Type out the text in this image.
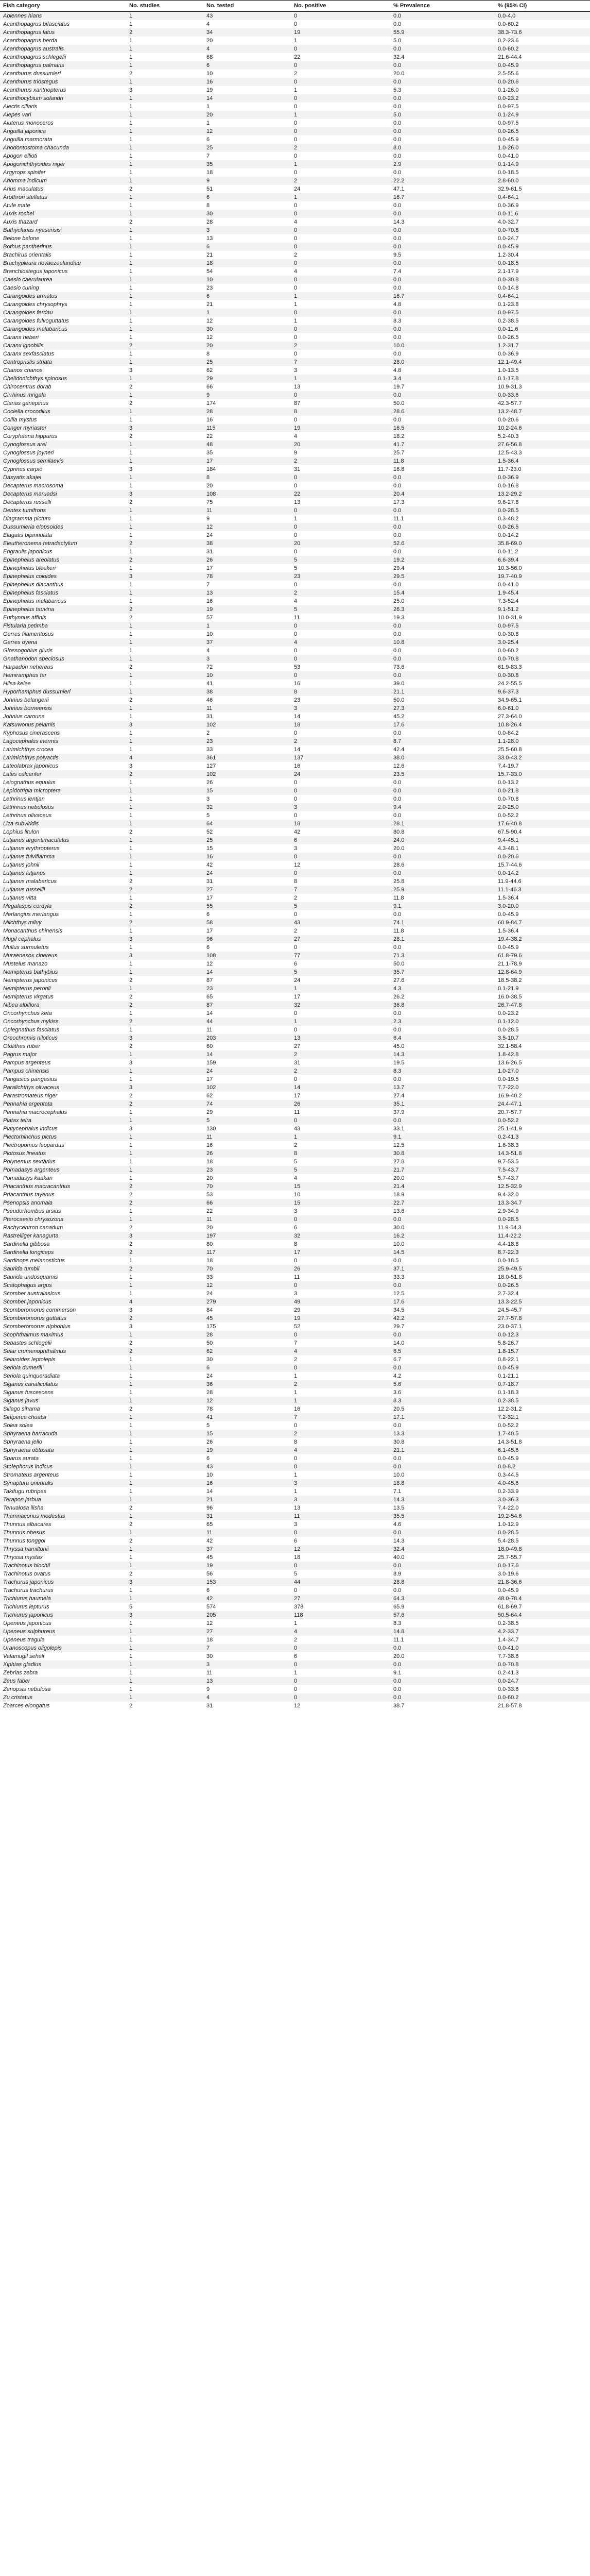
Fish category	No. studies	No. tested	No. positive	% Prevalence	% (95% CI)
Ablennes hians	1	43	0	0.0	0.0-4.0
Acanthopagrus bifasciatus	1	4	0	0.0	0.0-60.2
Acanthopagrus latus	2	34	19	55.9	38.3-73.6
Acanthopagrus berda	1	20	1	5.0	0.2-23.6
Acanthopagrus australis	1	4	0	0.0	0.0-60.2
Acanthopagrus schlegelii	1	68	22	32.4	21.6-44.4
Acanthopagrus palmaris	1	6	0	0.0	0.0-45.9
Acanthurus dussumieri	2	10	2	20.0	2.5-55.6
Acanthurus triostegus	1	16	0	0.0	0.0-20.6
Acanthurus xanthopterus	3	19	1	5.3	0.1-26.0
Acanthocybium solandri	1	14	0	0.0	0.0-23.2
Alectis ciliaris	1	1	0	0.0	0.0-97.5
Alepes vari	1	20	1	5.0	0.1-24.9
Aluterus monoceros	1	1	0	0.0	0.0-97.5
Anguilla japonica	1	12	0	0.0	0.0-26.5
Anguilla marmorata	1	6	0	0.0	0.0-45.9
Anodontostoma chacunda	1	25	2	8.0	1.0-26.0
Apogon ellioti	1	7	0	0.0	0.0-41.0
Apogonichthyoides niger	1	35	1	2.9	0.1-14.9
Argyrops spinifer	1	18	0	0.0	0.0-18.5
Ariomma indicum	1	9	2	22.2	2.8-60.0
Arius maculatus	2	51	24	47.1	32.9-61.5
Arothron stellatus	1	6	1	16.7	0.4-64.1
Atule mate	1	8	0	0.0	0.0-36.9
Auxis rochei	1	30	0	0.0	0.0-11.6
Auxis thazard	2	28	4	14.3	4.0-32.7
Bathyclarias nyasensis	1	3	0	0.0	0.0-70.8
Belone belone	1	13	0	0.0	0.0-24.7
Bothus pantherinus	1	6	0	0.0	0.0-45.9
Brachirus orientalis	1	21	2	9.5	1.2-30.4
Brachypleura novaezeelandiae	1	18	0	0.0	0.0-18.5
Branchiostegus japonicus	1	54	4	7.4	2.1-17.9
Caesio caerulaurea	1	10	0	0.0	0.0-30.8
Caesio cuning	1	23	0	0.0	0.0-14.8
Carangoides armatus	1	6	1	16.7	0.4-64.1
Carangoides chrysophrys	1	21	1	4.8	0.1-23.8
Carangoides ferdau	1	1	0	0.0	0.0-97.5
Carangoides fulvoguttatus	1	12	1	8.3	0.2-38.5
Carangoides malabaricus	1	30	0	0.0	0.0-11.6
Caranx heberi	1	12	0	0.0	0.0-26.5
Caranx ignobilis	2	20	2	10.0	1.2-31.7
Caranx sexfasciatus	1	8	0	0.0	0.0-36.9
Centropristis striata	1	25	7	28.0	12.1-49.4
Chanos chanos	3	62	3	4.8	1.0-13.5
Chelidonichthys spinosus	1	29	1	3.4	0.1-17.8
Chirocentrus dorab	2	66	13	19.7	10.9-31.3
Cirrhinus mrigala	1	9	0	0.0	0.0-33.6
Clarias gariepinus	2	174	87	50.0	42.3-57.7
Cociella crocodilus	1	28	8	28.6	13.2-48.7
Coilia mystus	1	16	0	0.0	0.0-20.6
Conger myriaster	3	115	19	16.5	10.2-24.6
Coryphaena hippurus	2	22	4	18.2	5.2-40.3
Cynoglossus arel	1	48	20	41.7	27.6-56.8
Cynoglossus joyneri	1	35	9	25.7	12.5-43.3
Cynoglossus semilaevis	1	17	2	11.8	1.5-36.4
Cyprinus carpio	3	184	31	16.8	11.7-23.0
Dasyatis akajei	1	8	0	0.0	0.0-36.9
Decapterus macrosoma	1	20	0	0.0	0.0-16.8
Decapterus maruadsi	3	108	22	20.4	13.2-29.2
Decapterus russelli	2	75	13	17.3	9.6-27.8
Dentex tumifrons	1	11	0	0.0	0.0-28.5
Diagramma pictum	1	9	1	11.1	0.3-48.2
Dussumieria elopsoides	1	12	0	0.0	0.0-26.5
Elagatis bipinnulata	1	24	0	0.0	0.0-14.2
Eleutheronema tetradactylum	2	38	20	52.6	35.8-69.0
Engraulis japonicus	1	31	0	0.0	0.0-11.2
Epinephelus areolatus	2	26	5	19.2	6.6-39.4
Epinephelus bleekeri	1	17	5	29.4	10.3-56.0
Epinephelus coioides	3	78	23	29.5	19.7-40.9
Epinephelus diacanthus	1	7	0	0.0	0.0-41.0
Epinephelus fasciatus	1	13	2	15.4	1.9-45.4
Epinephelus malabaricus	1	16	4	25.0	7.3-52.4
Epinephelus tauvina	2	19	5	26.3	9.1-51.2
Euthynnus affinis	2	57	11	19.3	10.0-31.9
Fistularia petimba	1	1	0	0.0	0.0-97.5
Gerres filamentosus	1	10	0	0.0	0.0-30.8
Gerres oyena	1	37	4	10.8	3.0-25.4
Glossogobius giuris	1	4	0	0.0	0.0-60.2
Gnathanodon speciosus	1	3	0	0.0	0.0-70.8
Harpadon nehereus	2	72	53	73.6	61.9-83.3
Hemiramphus far	1	10	0	0.0	0.0-30.8
Hilsa kelee	1	41	16	39.0	24.2-55.5
Hyporhamphus dussumieri	1	38	8	21.1	9.6-37.3
Johnius belangerii	2	46	23	50.0	34.9-65.1
Johnius borneensis	1	11	3	27.3	6.0-61.0
Johnius carouna	1	31	14	45.2	27.3-64.0
Katsuwonus pelamis	3	102	18	17.6	10.8-26.4
Kyphosus cinerascens	1	2	0	0.0	0.0-84.2
Lagocephalus inermis	1	23	2	8.7	1.1-28.0
Larimichthys crocea	1	33	14	42.4	25.5-60.8
Larimichthys polyactis	4	361	137	38.0	33.0-43.2
Lateolabrax japonicus	3	127	16	12.6	7.4-19.7
Lates calcarifer	2	102	24	23.5	15.7-33.0
Leiognathus equulus	1	26	0	0.0	0.0-13.2
Lepidotrigla microptera	1	15	0	0.0	0.0-21.8
Lethrinus lentjan	1	3	0	0.0	0.0-70.8
Lethrinus nebulosus	1	32	3	9.4	2.0-25.0
Lethrinus olivaceus	1	5	0	0.0	0.0-52.2
Liza subviridis	1	64	18	28.1	17.6-40.8
Lophius litulon	2	52	42	80.8	67.5-90.4
Lutjanus argentimaculatus	1	25	6	24.0	9.4-45.1
Lutjanus erythropterus	1	15	3	20.0	4.3-48.1
Lutjanus fulviflamma	1	16	0	0.0	0.0-20.6
Lutjanus johnii	1	42	12	28.6	15.7-44.6
Lutjanus lutjanus	1	24	0	0.0	0.0-14.2
Lutjanus malabaricus	2	31	8	25.8	11.9-44.6
Lutjanus russellii	2	27	7	25.9	11.1-46.3
Lutjanus vitta	1	17	2	11.8	1.5-36.4
Megalaspis cordyla	2	55	5	9.1	3.0-20.0
Merlangius merlangus	1	6	0	0.0	0.0-45.9
Miichthys miiuy	2	58	43	74.1	60.9-84.7
Monacanthus chinensis	1	17	2	11.8	1.5-36.4
Mugil cephalus	3	96	27	28.1	19.4-38.2
Mullus surmuletus	1	6	0	0.0	0.0-45.9
Muraenesox cinereus	3	108	77	71.3	61.8-79.6
Mustelus manazo	1	12	6	50.0	21.1-78.9
Nemipterus bathybius	1	14	5	35.7	12.8-64.9
Nemipterus japonicus	2	87	24	27.6	18.5-38.2
Nemipterus peronii	1	23	1	4.3	0.1-21.9
Nemipterus virgatus	2	65	17	26.2	16.0-38.5
Nibea albiflora	2	87	32	36.8	26.7-47.8
Oncorhynchus keta	1	14	0	0.0	0.0-23.2
Oncorhynchus mykiss	2	44	1	2.3	0.1-12.0
Oplegnathus fasciatus	1	11	0	0.0	0.0-28.5
Oreochromis niloticus	3	203	13	6.4	3.5-10.7
Otolithes ruber	2	60	27	45.0	32.1-58.4
Pagrus major	1	14	2	14.3	1.8-42.8
Pampus argenteus	3	159	31	19.5	13.6-26.5
Pampus chinensis	1	24	2	8.3	1.0-27.0
Pangasius pangasius	1	17	0	0.0	0.0-19.5
Paralichthys olivaceus	3	102	14	13.7	7.7-22.0
Parastromateus niger	2	62	17	27.4	16.9-40.2
Pennahia argentata	2	74	26	35.1	24.4-47.1
Pennahia macrocephalus	1	29	11	37.9	20.7-57.7
Platax teira	1	5	0	0.0	0.0-52.2
Platycephalus indicus	3	130	43	33.1	25.1-41.9
Plectorhinchus pictus	1	11	1	9.1	0.2-41.3
Plectropomus leopardus	1	16	2	12.5	1.6-38.3
Plotosus lineatus	1	26	8	30.8	14.3-51.8
Polynemus sextarius	1	18	5	27.8	9.7-53.5
Pomadasys argenteus	1	23	5	21.7	7.5-43.7
Pomadasys kaakan	1	20	4	20.0	5.7-43.7
Priacanthus macracanthus	2	70	15	21.4	12.5-32.9
Priacanthus tayenus	2	53	10	18.9	9.4-32.0
Psenopsis anomala	2	66	15	22.7	13.3-34.7
Pseudorhombus arsius	1	22	3	13.6	2.9-34.9
Pterocaesio chrysozona	1	11	0	0.0	0.0-28.5
Rachycentron canadum	2	20	6	30.0	11.9-54.3
Rastrelliger kanagurta	3	197	32	16.2	11.4-22.2
Sardinella gibbosa	2	80	8	10.0	4.4-18.8
Sardinella longiceps	2	117	17	14.5	8.7-22.3
Sardinops melanostictus	1	18	0	0.0	0.0-18.5
Saurida tumbil	2	70	26	37.1	25.9-49.5
Saurida undosquamis	1	33	11	33.3	18.0-51.8
Scatophagus argus	1	12	0	0.0	0.0-26.5
Scomber australasicus	1	24	3	12.5	2.7-32.4
Scomber japonicus	4	279	49	17.6	13.3-22.5
Scomberomorus commerson	3	84	29	34.5	24.5-45.7
Scomberomorus guttatus	2	45	19	42.2	27.7-57.8
Scomberomorus niphonius	3	175	52	29.7	23.0-37.1
Scophthalmus maximus	1	28	0	0.0	0.0-12.3
Sebastes schlegelii	2	50	7	14.0	5.8-26.7
Selar crumenophthalmus	2	62	4	6.5	1.8-15.7
Selaroides leptolepis	1	30	2	6.7	0.8-22.1
Seriola dumerili	1	6	0	0.0	0.0-45.9
Seriola quinqueradiata	1	24	1	4.2	0.1-21.1
Siganus canaliculatus	1	36	2	5.6	0.7-18.7
Siganus fuscescens	1	28	1	3.6	0.1-18.3
Siganus javus	1	12	1	8.3	0.2-38.5
Sillago sihama	2	78	16	20.5	12.2-31.2
Siniperca chuatsi	1	41	7	17.1	7.2-32.1
Solea solea	1	5	0	0.0	0.0-52.2
Sphyraena barracuda	1	15	2	13.3	1.7-40.5
Sphyraena jello	1	26	8	30.8	14.3-51.8
Sphyraena obtusata	1	19	4	21.1	6.1-45.6
Sparus aurata	1	6	0	0.0	0.0-45.9
Stolephorus indicus	1	43	0	0.0	0.0-8.2
Stromateus argenteus	1	10	1	10.0	0.3-44.5
Synaptura orientalis	1	16	3	18.8	4.0-45.6
Takifugu rubripes	1	14	1	7.1	0.2-33.9
Terapon jarbua	1	21	3	14.3	3.0-36.3
Tenualosa ilisha	2	96	13	13.5	7.4-22.0
Thamnaconus modestus	1	31	11	35.5	19.2-54.6
Thunnus albacares	2	65	3	4.6	1.0-12.9
Thunnus obesus	1	11	0	0.0	0.0-28.5
Thunnus tonggol	2	42	6	14.3	5.4-28.5
Thryssa hamiltonii	1	37	12	32.4	18.0-49.8
Thryssa mystax	1	45	18	40.0	25.7-55.7
Trachinotus blochii	1	19	0	0.0	0.0-17.6
Trachinotus ovatus	2	56	5	8.9	3.0-19.6
Trachurus japonicus	3	153	44	28.8	21.8-36.6
Trachurus trachurus	1	6	0	0.0	0.0-45.9
Trichiurus haumela	1	42	27	64.3	48.0-78.4
Trichiurus lepturus	5	574	378	65.9	61.8-69.7
Trichiurus japonicus	3	205	118	57.6	50.5-64.4
Upeneus japonicus	1	12	1	8.3	0.2-38.5
Upeneus sulphureus	1	27	4	14.8	4.2-33.7
Upeneus tragula	1	18	2	11.1	1.4-34.7
Uranoscopus oligolepis	1	7	0	0.0	0.0-41.0
Valamugil seheli	1	30	6	20.0	7.7-38.6
Xiphias gladius	1	3	0	0.0	0.0-70.8
Zebrias zebra	1	11	1	9.1	0.2-41.3
Zeus faber	1	13	0	0.0	0.0-24.7
Zenopsis nebulosa	1	9	0	0.0	0.0-33.6
Zu cristatus	1	4	0	0.0	0.0-60.2
Zoarces elongatus	2	31	12	38.7	21.8-57.8
